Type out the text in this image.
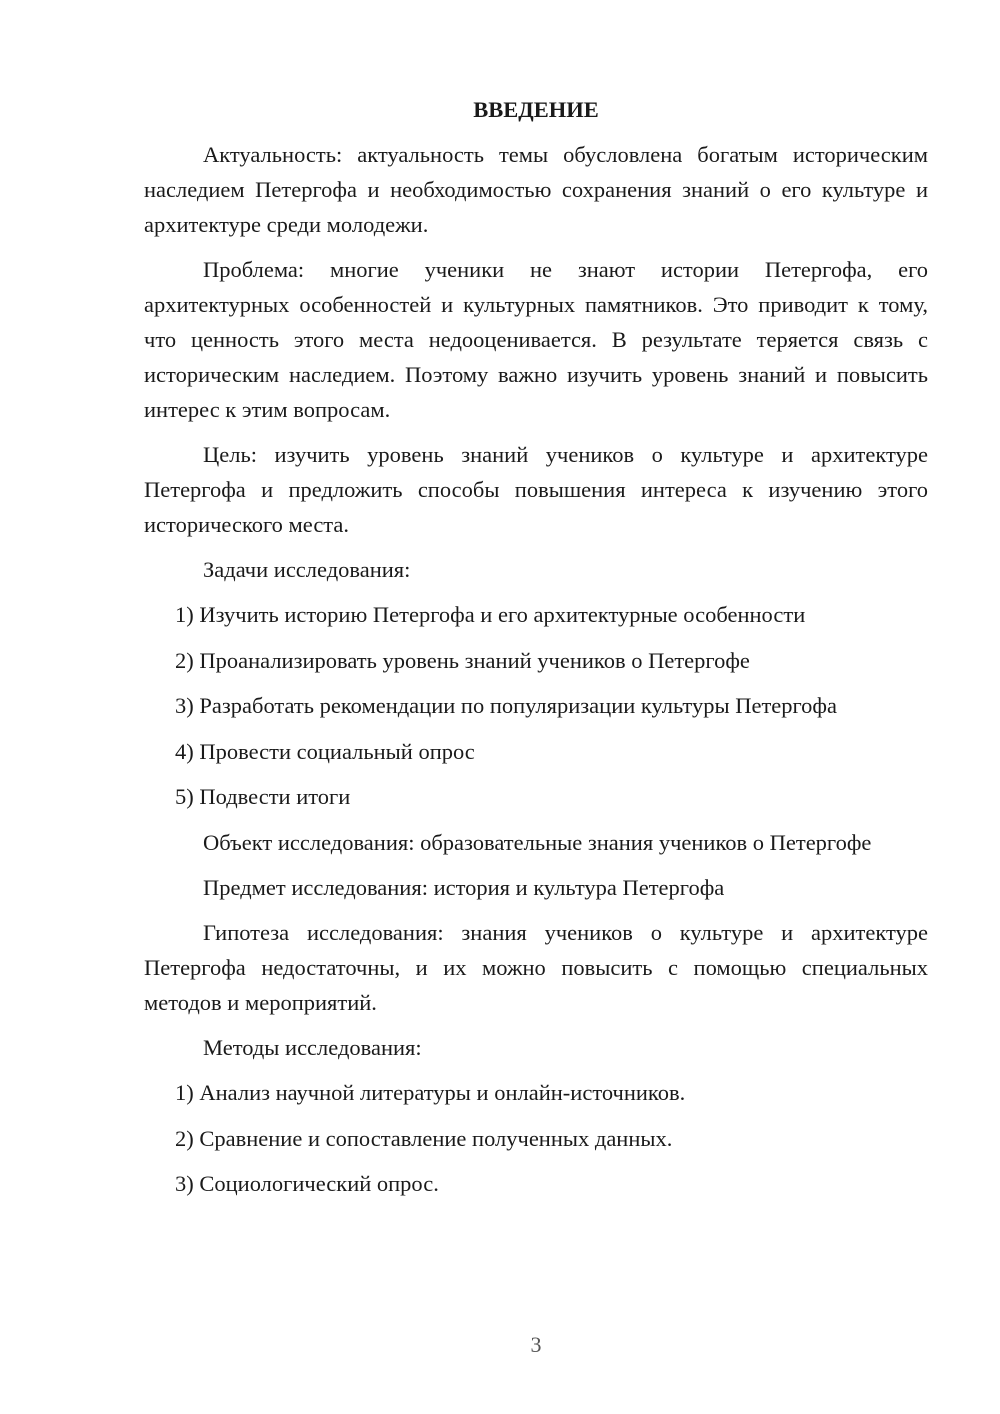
ВВЕДЕНИЕ

Актуальность: актуальность темы обусловлена богатым историческим наследием Петергофа и необходимостью сохранения знаний о его культуре и архитектуре среди молодежи.

Проблема: многие ученики не знают истории Петергофа, его архитектурных особенностей и культурных памятников. Это приводит к тому, что ценность этого места недооценивается. В результате теряется связь с историческим наследием. Поэтому важно изучить уровень знаний и повысить интерес к этим вопросам.

Цель: изучить уровень знаний учеников о культуре и архитектуре Петергофа и предложить способы повышения интереса к изучению этого исторического места.

Задачи исследования:

1) Изучить историю Петергофа и его архитектурные особенности
2) Проанализировать уровень знаний учеников о Петергофе
3) Разработать рекомендации по популяризации культуры Петергофа
4) Провести социальный опрос
5) Подвести итоги

Объект исследования: образовательные знания учеников о Петергофе

Предмет исследования: история и культура Петергофа

Гипотеза исследования: знания учеников о культуре и архитектуре Петергофа недостаточны, и их можно повысить с помощью специальных методов и мероприятий.

Методы исследования:

1) Анализ научной литературы и онлайн-источников.
2) Сравнение и сопоставление полученных данных.
3) Социологический опрос.
3
